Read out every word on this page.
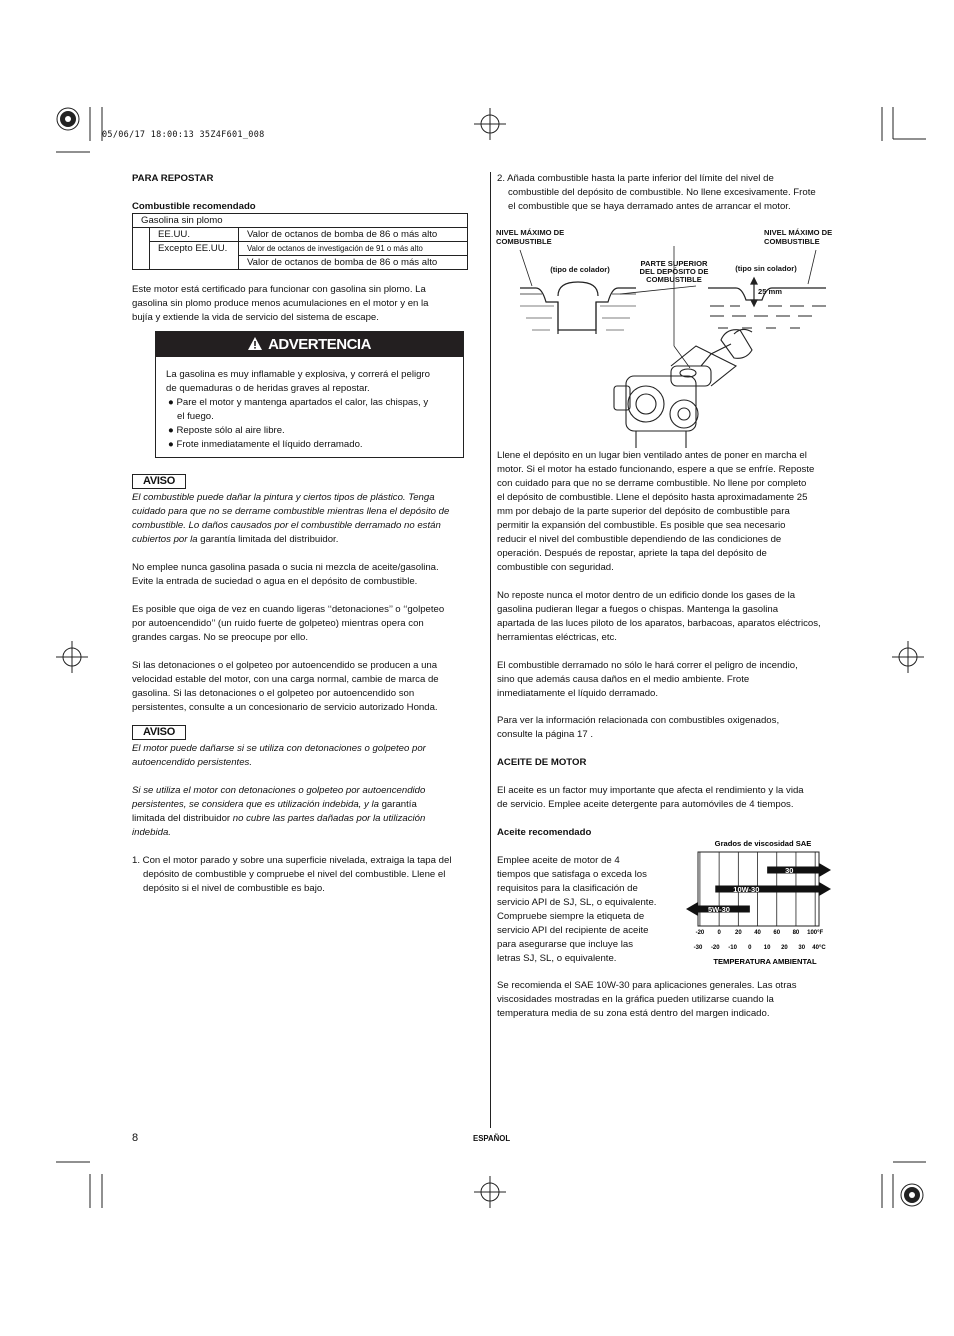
05/06/17 18:00:13 35Z4F601_008
PARA REPOSTAR
Combustible recomendado
Gasolina sin plomo		
	EE.UU.	Valor de octanos de bomba de 86 o más alto
	Excepto EE.UU.	Valor de octanos de investigación de 91 o más alto
		Valor de octanos de bomba de 86 o más alto
Este motor está certificado para funcionar con gasolina sin plomo. La
gasolina sin plomo produce menos acumulaciones en el motor y en la
bujía y extiende la vida de servicio del sistema de escape.
ADVERTENCIA
La gasolina es muy inflamable y explosiva, y correrá el peligro
de quemaduras o de heridas graves al repostar.
● Pare el motor y mantenga apartados el calor, las chispas, y
el fuego.
● Reposte sólo al aire libre.
● Frote inmediatamente el líquido derramado.
AVISO
El combustible puede dañar la pintura y ciertos tipos de plástico. Tenga
cuidado para que no se derrame combustible mientras llena el depósito de
combustible. Lo daños causados por el combustible derramado no están
cubiertos por la garantía limitada del distribuidor.
No emplee nunca gasolina pasada o sucia ni mezcla de aceite/gasolina.
Evite la entrada de suciedad o agua en el depósito de combustible.
Es posible que oiga de vez en cuando ligeras ‘‘detonaciones’’ o ‘‘golpeteo
por autoencendido’’ (un ruido fuerte de golpeteo) mientras opera con
grandes cargas. No se preocupe por ello.
Si las detonaciones o el golpeteo por autoencendido se producen a una
velocidad estable del motor, con una carga normal, cambie de marca de
gasolina. Si las detonaciones o el golpeteo por autoencendido son
persistentes, consulte a un concesionario de servicio autorizado Honda.
AVISO
El motor puede dañarse si se utiliza con detonaciones o golpeteo por
autoencendido persistentes.
Si se utiliza el motor con detonaciones o golpeteo por autoencendido
persistentes, se considera que es utilización indebida, y la garantía
limitada del distribuidor no cubre las partes dañadas por la utilización
indebida.
1. Con el motor parado y sobre una superficie nivelada, extraiga la tapa del
depósito de combustible y compruebe el nivel del combustible. Llene el
depósito si el nivel de combustible es bajo.
2. Añada combustible hasta la parte inferior del límite del nivel de
combustible del depósito de combustible. No llene excesivamente. Frote
el combustible que se haya derramado antes de arrancar el motor.
NIVEL MÁXIMO DE
COMBUSTIBLE
NIVEL MÁXIMO DE
COMBUSTIBLE
PARTE SUPERIOR
DEL DEPÓSITO DE
COMBUSTIBLE
(tipo de colador)	(tipo sin colador)
25 mm
Llene el depósito en un lugar bien ventilado antes de poner en marcha el
motor. Si el motor ha estado funcionando, espere a que se enfríe. Reposte
con cuidado para que no se derrame combustible. No llene por completo
el depósito de combustible. Llene el depósito hasta aproximadamente 25
mm por debajo de la parte superior del depósito de combustible para
permitir la expansión del combustible. Es posible que sea necesario
reducir el nivel del combustible dependiendo de las condiciones de
operación. Después de repostar, apriete la tapa del depósito de
combustible con seguridad.
No reposte nunca el motor dentro de un edificio donde los gases de la
gasolina pudieran llegar a fuegos o chispas. Mantenga la gasolina
apartada de las luces piloto de los aparatos, barbacoas, aparatos eléctricos,
herramientas eléctricas, etc.
El combustible derramado no sólo le hará correr el peligro de incendio,
sino que además causa daños en el medio ambiente. Frote
inmediatamente el líquido derramado.
Para ver la información relacionada con combustibles oxigenados,
consulte la página 17 .
ACEITE DE MOTOR
El aceite es un factor muy importante que afecta el rendimiento y la vida
de servicio. Emplee aceite detergente para automóviles de 4 tiempos.
Aceite recomendado
Emplee aceite de motor de 4
tiempos que satisfaga o exceda los
requisitos para la clasificación de
servicio API de SJ, SL, o equivalente.
Compruebe siempre la etiqueta de
servicio API del recipiente de aceite
para asegurarse que incluye las
letras SJ, SL, o equivalente.
Grados de viscosidad SAE
30
10W-30
5W-30
-20 0 20 40 60 80 100°F
-30 -20 -10 0 10 20 30 40°C
TEMPERATURA AMBIENTAL
Se recomienda el SAE 10W-30 para aplicaciones generales. Las otras
viscosidades mostradas en la gráfica pueden utilizarse cuando la
temperatura media de su zona está dentro del margen indicado.
8	ESPAÑOL
